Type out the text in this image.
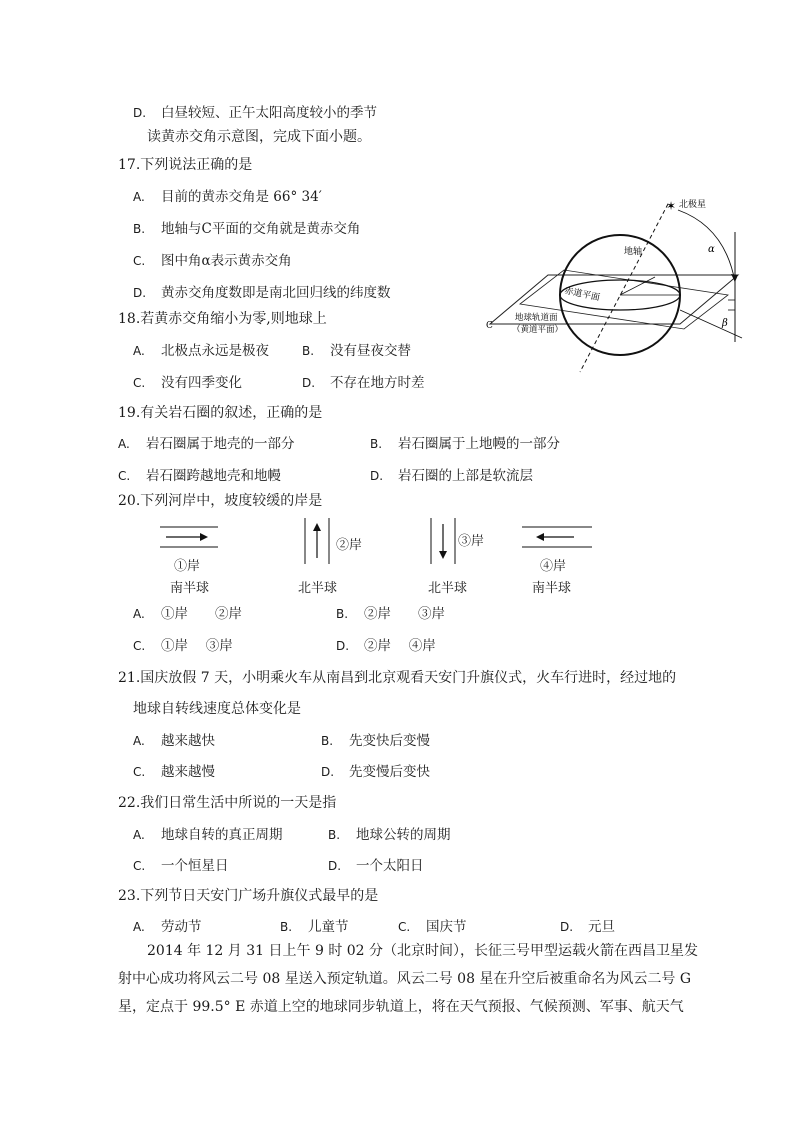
D. 白昼较短、正午太阳高度较小的季节
读黄赤交角示意图，完成下面小题。
17.下列说法正确的是
A. 目前的黄赤交角是 66° 34′
B. 地轴与C平面的交角就是黄赤交角
C. 图中角α表示黄赤交角
D. 黄赤交角度数即是南北回归线的纬度数
18.若黄赤交角缩小为零,则地球上
A. 北极点永远是极夜	B. 没有昼夜交替
C. 没有四季变化	D. 不存在地方时差
✶ 北极星
α
β
地轴
赤道平面
地球轨道面
（黄道平面）
C
19.有关岩石圈的叙述，正确的是
A. 岩石圈属于地壳的一部分	B. 岩石圈属于上地幔的一部分
C. 岩石圈跨越地壳和地幔	D. 岩石圈的上部是软流层
20.下列河岸中，坡度较缓的岸是
①岸
南半球
②岸
北半球
③岸
北半球
④岸
南半球
A. ①岸　　②岸	B. ②岸　　③岸
C. ①岸　 ③岸	D. ②岸　 ④岸
21.国庆放假 7 天，小明乘火车从南昌到北京观看天安门升旗仪式，火车行进时，经过地的
地球自转线速度总体变化是
A. 越来越快	B. 先变快后变慢
C. 越来越慢	D. 先变慢后变快
22.我们日常生活中所说的一天是指
A. 地球自转的真正周期	B. 地球公转的周期
C. 一个恒星日	D. 一个太阳日
23.下列节日天安门广场升旗仪式最早的是
A. 劳动节	B. 儿童节	C. 国庆节	D. 元旦
2014 年 12 月 31 日上午 9 时 02 分（北京时间），长征三号甲型运载火箭在西昌卫星发
射中心成功将风云二号 08 星送入预定轨道。风云二号 08 星在升空后被重命名为风云二号 G
星，定点于 99.5° E 赤道上空的地球同步轨道上，将在天气预报、气候预测、军事、航天气
